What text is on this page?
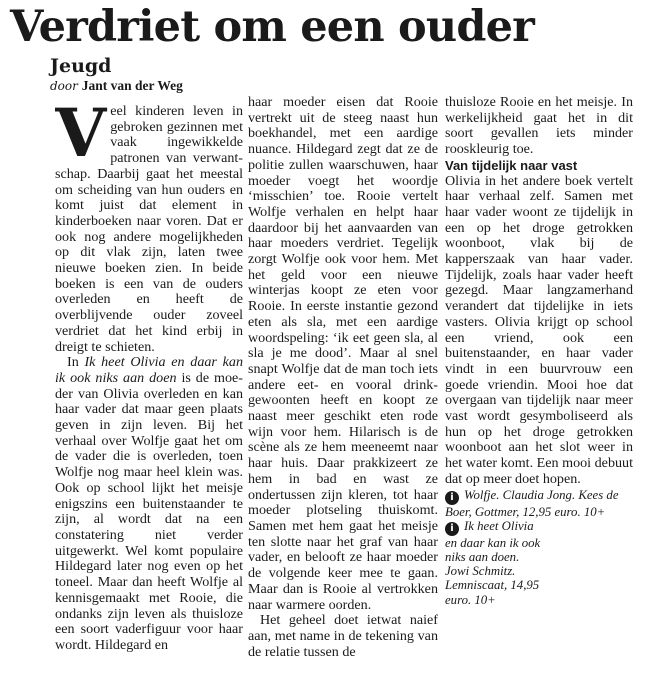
Verdriet om een ouder
Jeugd
door Jant van der Weg

Veel kinderen leven in gebroken gezinnen met vaak ingewikkelde patronen van verwantschap. Daarbij gaat het meestal om scheiding van hun ouders en komt juist dat element in kinderboeken naar voren. Dat er ook nog andere mogelijkheden op dit vlak zijn, laten twee nieuwe boeken zien. In beide boeken is een van de ouders overleden en heeft de overblijvende ouder zoveel verdriet dat het kind erbij in dreigt te schieten.

In Ik heet Olivia en daar kan ik ook niks aan doen is de moeder van Olivia overleden en kan haar vader dat maar geen plaats geven in zijn leven. Bij het verhaal over Wolfje gaat het om de vader die is overleden, toen Wolfje nog maar heel klein was. Ook op school lijkt het meisje enigszins een buitenstaander te zijn, al wordt dat na een constatering niet verder uitgewerkt. Wel komt populaire Hildegard later nog even op het toneel. Maar dan heeft Wolfje al kennisgemaakt met Rooie, die ondanks zijn leven als thuisloze een soort vaderfiguur voor haar wordt. Hildegard en

haar moeder eisen dat Rooie vertrekt uit de steeg naast hun boekhandel, met een aardige nuance. Hildegard zegt dat ze de politie zullen waarschuwen, haar moeder voegt het woordje ‘misschien’ toe. Rooie vertelt Wolfje verhalen en helpt haar daardoor bij het aanvaarden van haar moeders verdriet. Tegelijk zorgt Wolfje ook voor hem. Met het geld voor een nieuwe winterjas koopt ze eten voor Rooie. In eerste instantie gezond eten als sla, met een aardige woordspeling: ‘ik eet geen sla, al sla je me dood’. Maar al snel snapt Wolfje dat de man toch iets andere eet- en vooral drinkgewoonten heeft en koopt ze naast meer geschikt eten rode wijn voor hem. Hilarisch is de scène als ze hem meeneemt naar haar huis. Daar prakkizeert ze hem in bad en wast ze ondertussen zijn kleren, tot haar moeder plotseling thuiskomt. Samen met hem gaat het meisje ten slotte naar het graf van haar vader, en belooft ze haar moeder de volgende keer mee te gaan. Maar dan is Rooie al vertrokken naar warmere oorden.

Het geheel doet ietwat naief aan, met name in de tekening van de relatie tussen de

thuisloze Rooie en het meisje. In werkelijkheid gaat het in dit soort gevallen iets minder rooskleurig toe.

Van tijdelijk naar vast

Olivia in het andere boek vertelt haar verhaal zelf. Samen met haar vader woont ze tijdelijk in een op het droge getrokken woonboot, vlak bij de kapperszaak van haar vader. Tijdelijk, zoals haar vader heeft gezegd. Maar langzamerhand verandert dat tijdelijke in iets vasters. Olivia krijgt op school een vriend, ook een buitenstaander, en haar vader vindt in een buurvrouw een goede vriendin. Mooi hoe dat overgaan van tijdelijk naar meer vast wordt gesymboliseerd als hun op het droge getrokken woonboot aan het slot weer in het water komt. Een mooi debuut dat op meer doet hopen.

i Wolfje. Claudia Jong. Kees de Boer, Gottmer, 12,95 euro. 10+

i Ik heet Olivia en daar kan ik ook niks aan doen. Jowi Schmitz. Lemniscaat, 14,95 euro. 10+
